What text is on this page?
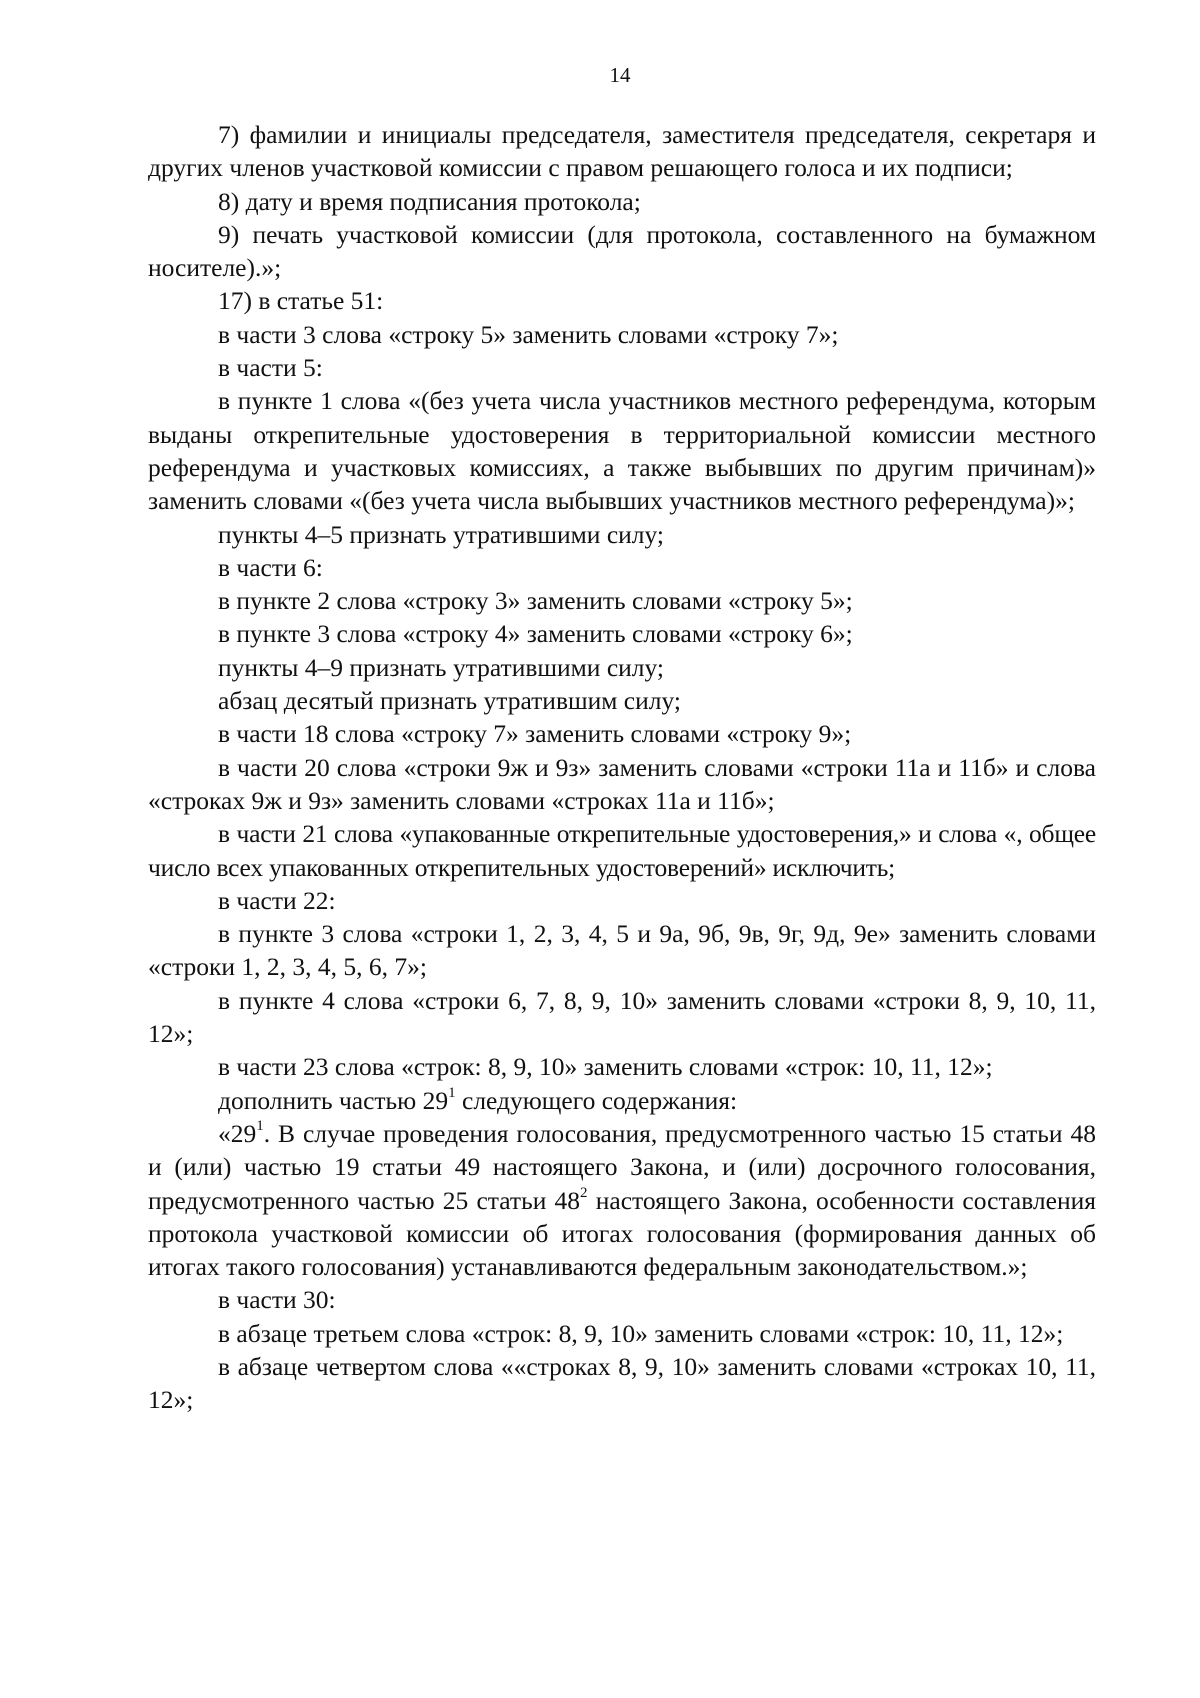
14

7) фамилии и инициалы председателя, заместителя председателя, секретаря и других членов участковой комиссии с правом решающего голоса и их подписи;

8) дату и время подписания протокола;

9) печать участковой комиссии (для протокола, составленного на бумажном носителе).»;

17) в статье 51:

в части 3 слова «строку 5» заменить словами «строку 7»;

в части 5:

в пункте 1 слова «(без учета числа участников местного референдума, которым выданы открепительные удостоверения в территориальной комиссии местного референдума и участковых комиссиях, а также выбывших по другим причинам)» заменить словами «(без учета числа выбывших участников местного референдума)»;

пункты 4–5 признать утратившими силу;

в части 6:

в пункте 2 слова «строку 3» заменить словами «строку 5»;

в пункте 3 слова «строку 4» заменить словами «строку 6»;

пункты 4–9 признать утратившими силу;

абзац десятый признать утратившим силу;

в части 18 слова «строку 7» заменить словами «строку 9»;

в части 20 слова «строки 9ж и 9з» заменить словами «строки 11а и 11б» и слова «строках 9ж и 9з» заменить словами «строках 11а и 11б»;

в части 21 слова «упакованные открепительные удостоверения,» и слова «, общее число всех упакованных открепительных удостоверений» исключить;

в части 22:

в пункте 3 слова «строки 1, 2, 3, 4, 5 и 9а, 9б, 9в, 9г, 9д, 9е» заменить словами «строки 1, 2, 3, 4, 5, 6, 7»;

в пункте 4 слова «строки 6, 7, 8, 9, 10» заменить словами «строки 8, 9, 10, 11, 12»;

в части 23 слова «строк: 8, 9, 10» заменить словами «строк: 10, 11, 12»;

дополнить частью $29^1$ следующего содержания:

«$29^1$. В случае проведения голосования, предусмотренного частью 15 статьи 48 и (или) частью 19 статьи 49 настоящего Закона, и (или) досрочного голосования, предусмотренного частью 25 статьи $48^2$ настоящего Закона, особенности составления протокола участковой комиссии об итогах голосования (формирования данных об итогах такого голосования) устанавливаются федеральным законодательством.»;

в части 30:

в абзаце третьем слова «строк: 8, 9, 10» заменить словами «строк: 10, 11, 12»;

в абзаце четвертом слова ««строках 8, 9, 10» заменить словами «строках 10, 11, 12»;
